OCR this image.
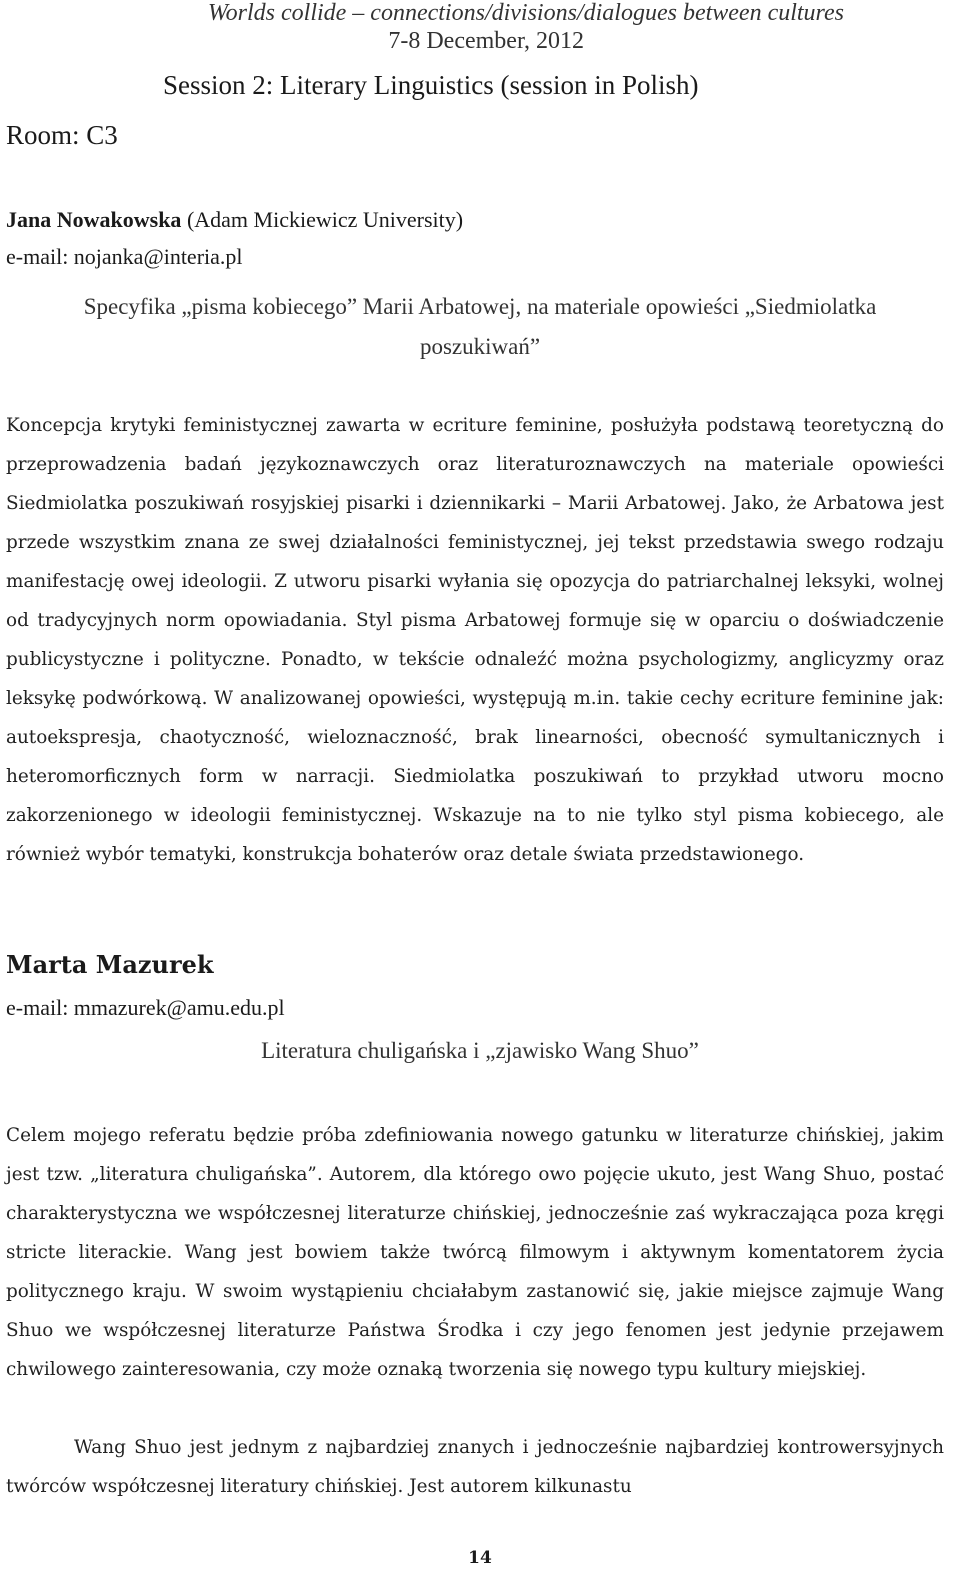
Worlds collide – connections/divisions/dialogues between cultures
7-8 December, 2012
Session 2: Literary Linguistics (session in Polish)
Room: C3
Jana Nowakowska (Adam Mickiewicz University)
e-mail: nojanka@interia.pl
Specyfika „pisma kobiecego” Marii Arbatowej, na materiale opowieści „Siedmiolatka poszukiwań”

Koncepcja krytyki feministycznej zawarta w ecriture feminine, posłużyła podstawą teoretyczną do przeprowadzenia badań językoznawczych oraz literaturoznawczych na materiale opowieści Siedmiolatka poszukiwań rosyjskiej pisarki i dziennikarki – Marii Arbatowej. Jako, że Arbatowa jest przede wszystkim znana ze swej działalności feministycznej, jej tekst przedstawia swego rodzaju manifestację owej ideologii. Z utworu pisarki wyłania się opozycja do patriarchalnej leksyki, wolnej od tradycyjnych norm opowiadania. Styl pisma Arbatowej formuje się w oparciu o doświadczenie publicystyczne i polityczne. Ponadto, w tekście odnaleźć można psychologizmy, anglicyzmy oraz leksykę podwórkową. W analizowanej opowieści, występują m.in. takie cechy ecriture feminine jak: autoekspresja, chaotyczność, wieloznaczność, brak linearności, obecność symultanicznych i heteromorficznych form w narracji. Siedmiolatka poszukiwań to przykład utworu mocno zakorzenionego w ideologii feministycznej. Wskazuje na to nie tylko styl pisma kobiecego, ale również wybór tematyki, konstrukcja bohaterów oraz detale świata przedstawionego.

Marta Mazurek
e-mail: mmazurek@amu.edu.pl
Literatura chuligańska i „zjawisko Wang Shuo”

Celem mojego referatu będzie próba zdefiniowania nowego gatunku w literaturze chińskiej, jakim jest tzw. „literatura chuligańska”. Autorem, dla którego owo pojęcie ukuto, jest Wang Shuo, postać charakterystyczna we współczesnej literaturze chińskiej, jednocześnie zaś wykraczająca poza kręgi stricte literackie. Wang jest bowiem także twórcą filmowym i aktywnym komentatorem życia politycznego kraju. W swoim wystąpieniu chciałabym zastanowić się, jakie miejsce zajmuje Wang Shuo we współczesnej literaturze Państwa Środka i czy jego fenomen jest jedynie przejawem chwilowego zainteresowania, czy może oznaką tworzenia się nowego typu kultury miejskiej.

Wang Shuo jest jednym z najbardziej znanych i jednocześnie najbardziej kontrowersyjnych twórców współczesnej literatury chińskiej. Jest autorem kilkunastu

14
